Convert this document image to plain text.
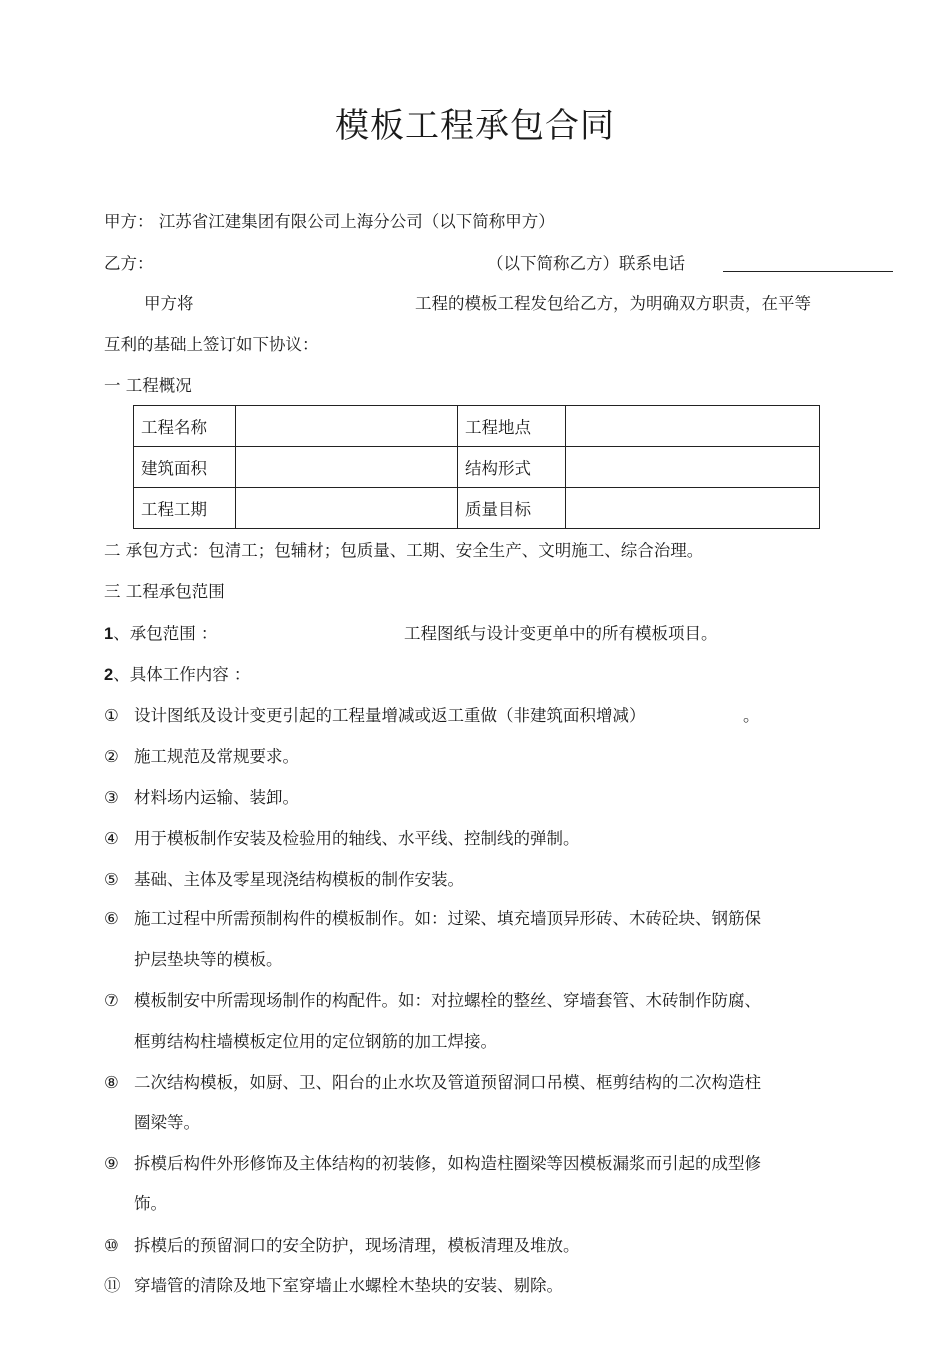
模板工程承包合同
甲方： 江苏省江建集团有限公司上海分公司（以下简称甲方）
乙方：	（以下简称乙方）联系电话
甲方将	工程的模板工程发包给乙方，为明确双方职责，在平等
互利的基础上签订如下协议：
一 工程概况
工程名称		工程地点	
建筑面积		结构形式	
工程工期		质量目标	
二 承包方式：包清工；包辅材；包质量、工期、安全生产、文明施工、综合治理。
三 工程承包范围
1、承包范围 ：	工程图纸与设计变更单中的所有模板项目。
2、具体工作内容 ：
① 设计图纸及设计变更引起的工程量增减或返工重做（非建筑面积增减）	。
② 施工规范及常规要求。
③ 材料场内运输、装卸。
④ 用于模板制作安装及检验用的轴线、水平线、控制线的弹制。
⑤ 基础、主体及零星现浇结构模板的制作安装。
⑥ 施工过程中所需预制构件的模板制作。如：过梁、填充墙顶异形砖、木砖砼块、钢筋保
护层垫块等的模板。
⑦ 模板制安中所需现场制作的构配件。如：对拉螺栓的整丝、穿墙套管、木砖制作防腐、
框剪结构柱墙模板定位用的定位钢筋的加工焊接。
⑧ 二次结构模板，如厨、卫、阳台的止水坎及管道预留洞口吊模、框剪结构的二次构造柱
圈梁等。
⑨ 拆模后构件外形修饰及主体结构的初装修，如构造柱圈梁等因模板漏浆而引起的成型修
饰。
⑩ 拆模后的预留洞口的安全防护，现场清理，模板清理及堆放。
⑪ 穿墙管的清除及地下室穿墙止水螺栓木垫块的安装、剔除。
